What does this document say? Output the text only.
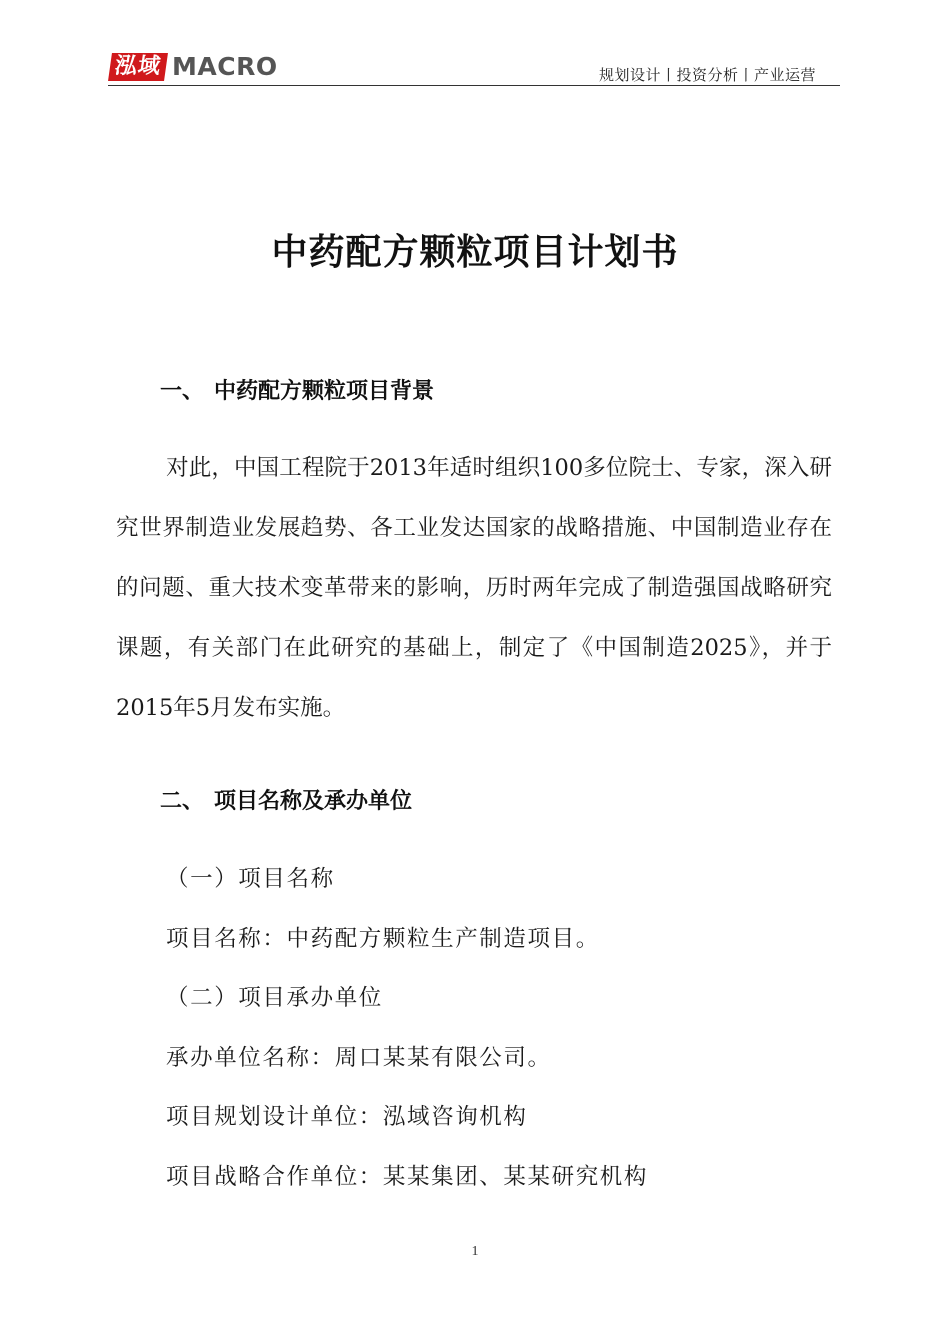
泓域 MACRO	规划设计丨投资分析丨产业运营
中药配方颗粒项目计划书
一、 中药配方颗粒项目背景

对此，中国工程院于2013年适时组织100多位院士、专家，深入研究世界制造业发展趋势、各工业发达国家的战略措施、中国制造业存在的问题、重大技术变革带来的影响，历时两年完成了制造强国战略研究课题，有关部门在此研究的基础上，制定了《中国制造2025》，并于2015年5月发布实施。

二、 项目名称及承办单位

（一）项目名称

项目名称：中药配方颗粒生产制造项目。

（二）项目承办单位

承办单位名称：周口某某有限公司。

项目规划设计单位：泓域咨询机构

项目战略合作单位：某某集团、某某研究机构

1
